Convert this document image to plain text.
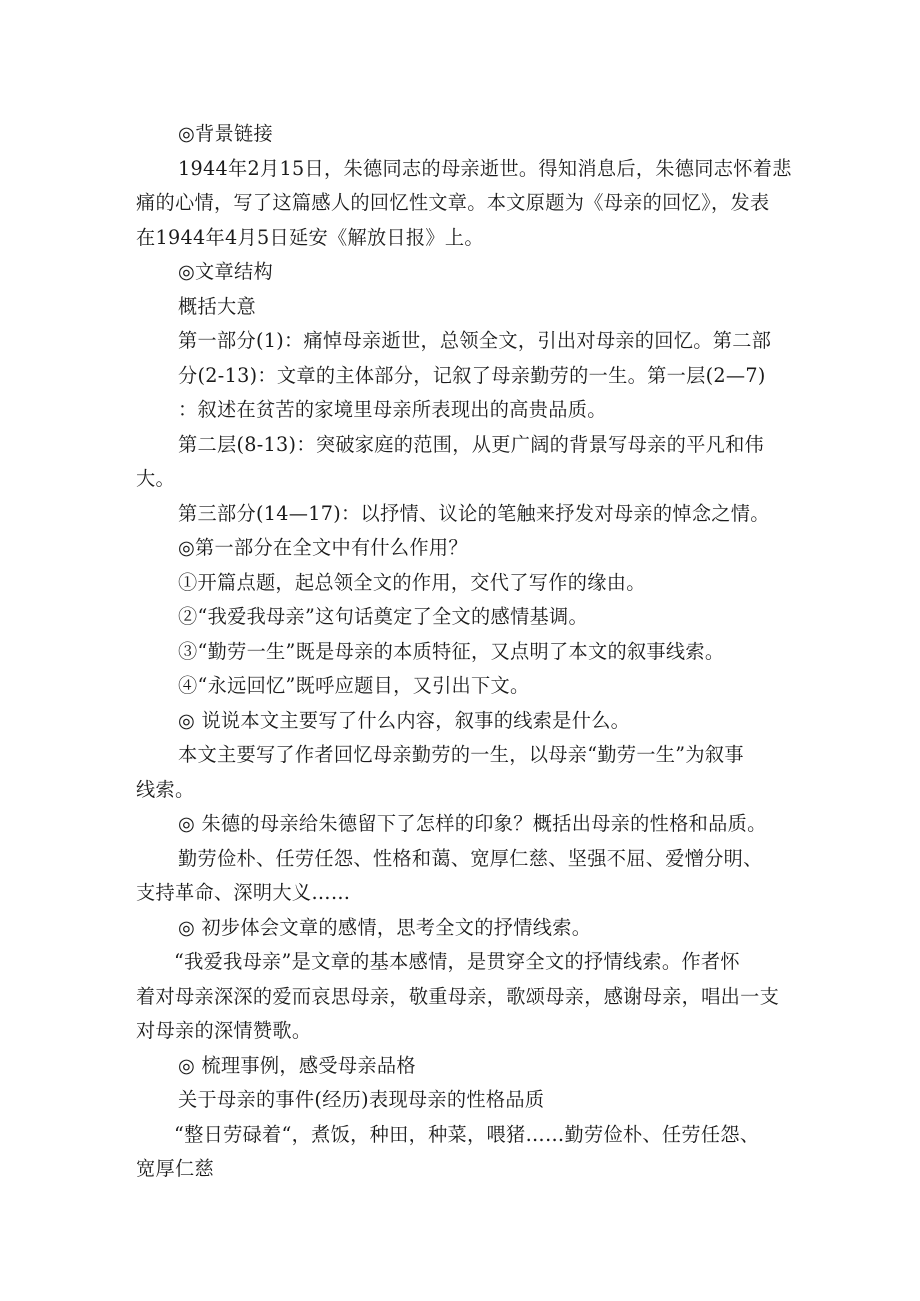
◎背景链接
1944年2月15日，朱德同志的母亲逝世。得知消息后，朱德同志怀着悲
痛的心情，写了这篇感人的回忆性文章。本文原题为《母亲的回忆》，发表
在1944年4月5日延安《解放日报》上。
◎文章结构
概括大意
第一部分(1)：痛悼母亲逝世，总领全文，引出对母亲的回忆。第二部
分(2-13)：文章的主体部分，记叙了母亲勤劳的一生。第一层(2—7)
：叙述在贫苦的家境里母亲所表现出的高贵品质。
第二层(8-13)：突破家庭的范围，从更广阔的背景写母亲的平凡和伟
大。
第三部分(14—17)：以抒情、议论的笔触来抒发对母亲的悼念之情。
◎第一部分在全文中有什么作用？
①开篇点题，起总领全文的作用，交代了写作的缘由。
②“我爱我母亲”这句话奠定了全文的感情基调。
③“勤劳一生”既是母亲的本质特征，又点明了本文的叙事线索。
④“永远回忆”既呼应题目，又引出下文。
◎ 说说本文主要写了什么内容，叙事的线索是什么。
本文主要写了作者回忆母亲勤劳的一生，以母亲“勤劳一生”为叙事
线索。
◎ 朱德的母亲给朱德留下了怎样的印象？概括出母亲的性格和品质。
勤劳俭朴、任劳任怨、性格和蔼、宽厚仁慈、坚强不屈、爱憎分明、
支持革命、深明大义……
◎ 初步体会文章的感情，思考全文的抒情线索。
“我爱我母亲”是文章的基本感情，是贯穿全文的抒情线索。作者怀
着对母亲深深的爱而哀思母亲，敬重母亲，歌颂母亲，感谢母亲，唱出一支
对母亲的深情赞歌。
◎ 梳理事例，感受母亲品格
关于母亲的事件(经历)表现母亲的性格品质
“整日劳碌着“，煮饭，种田，种菜，喂猪……勤劳俭朴、任劳任怨、
宽厚仁慈
